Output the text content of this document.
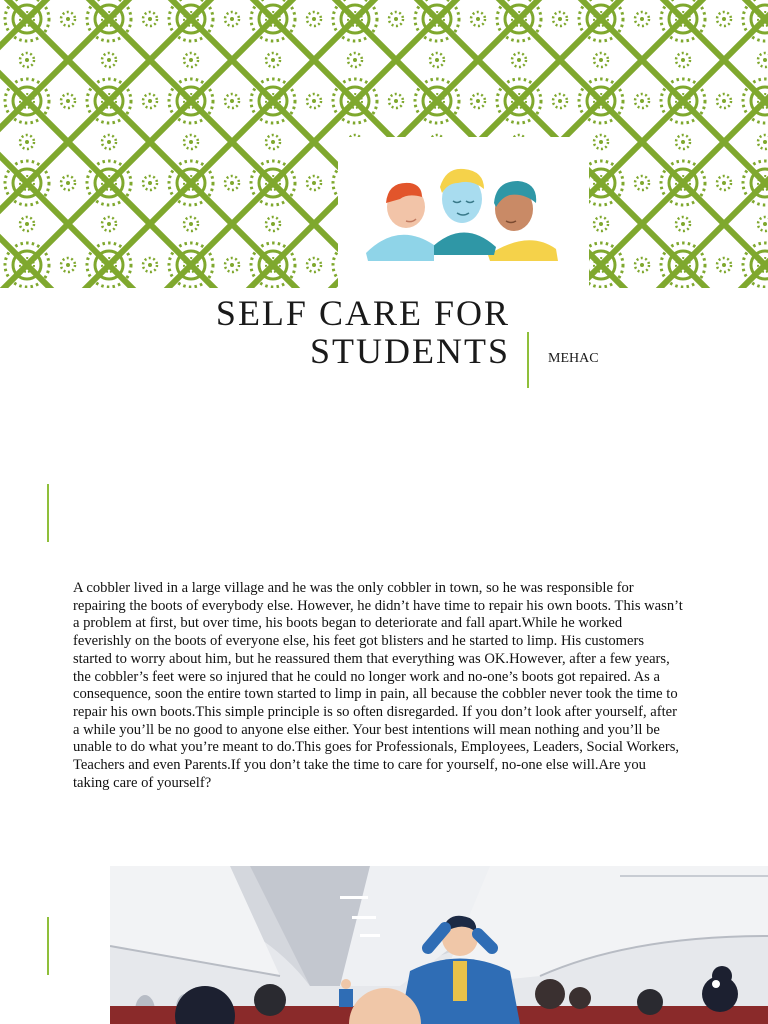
SELF CARE FOR
STUDENTS	MEHAC

A cobbler lived in a large village and he was the only cobbler in town, so he was responsible for repairing the boots of everybody else. However, he didn’t have time to repair his own boots. This wasn’t a problem at first, but over time, his boots began to deteriorate and fall apart.While he worked feverishly on the boots of everyone else, his feet got blisters and he started to limp. His customers started to worry about him, but he reassured them that everything was OK.However, after a few years, the cobbler’s feet were so injured that he could no longer work and no-one’s boots got repaired. As a consequence, soon the entire town started to limp in pain, all because the cobbler never took the time to repair his own boots.This simple principle is so often disregarded. If you don’t look after yourself, after a while you’ll be no good to anyone else either. Your best intentions will mean nothing and you’ll be unable to do what you’re meant to do.This goes for Professionals, Employees, Leaders, Social Workers, Teachers and even Parents.If you don’t take the time to care for yourself, no-one else will.Are you taking care of yourself?
